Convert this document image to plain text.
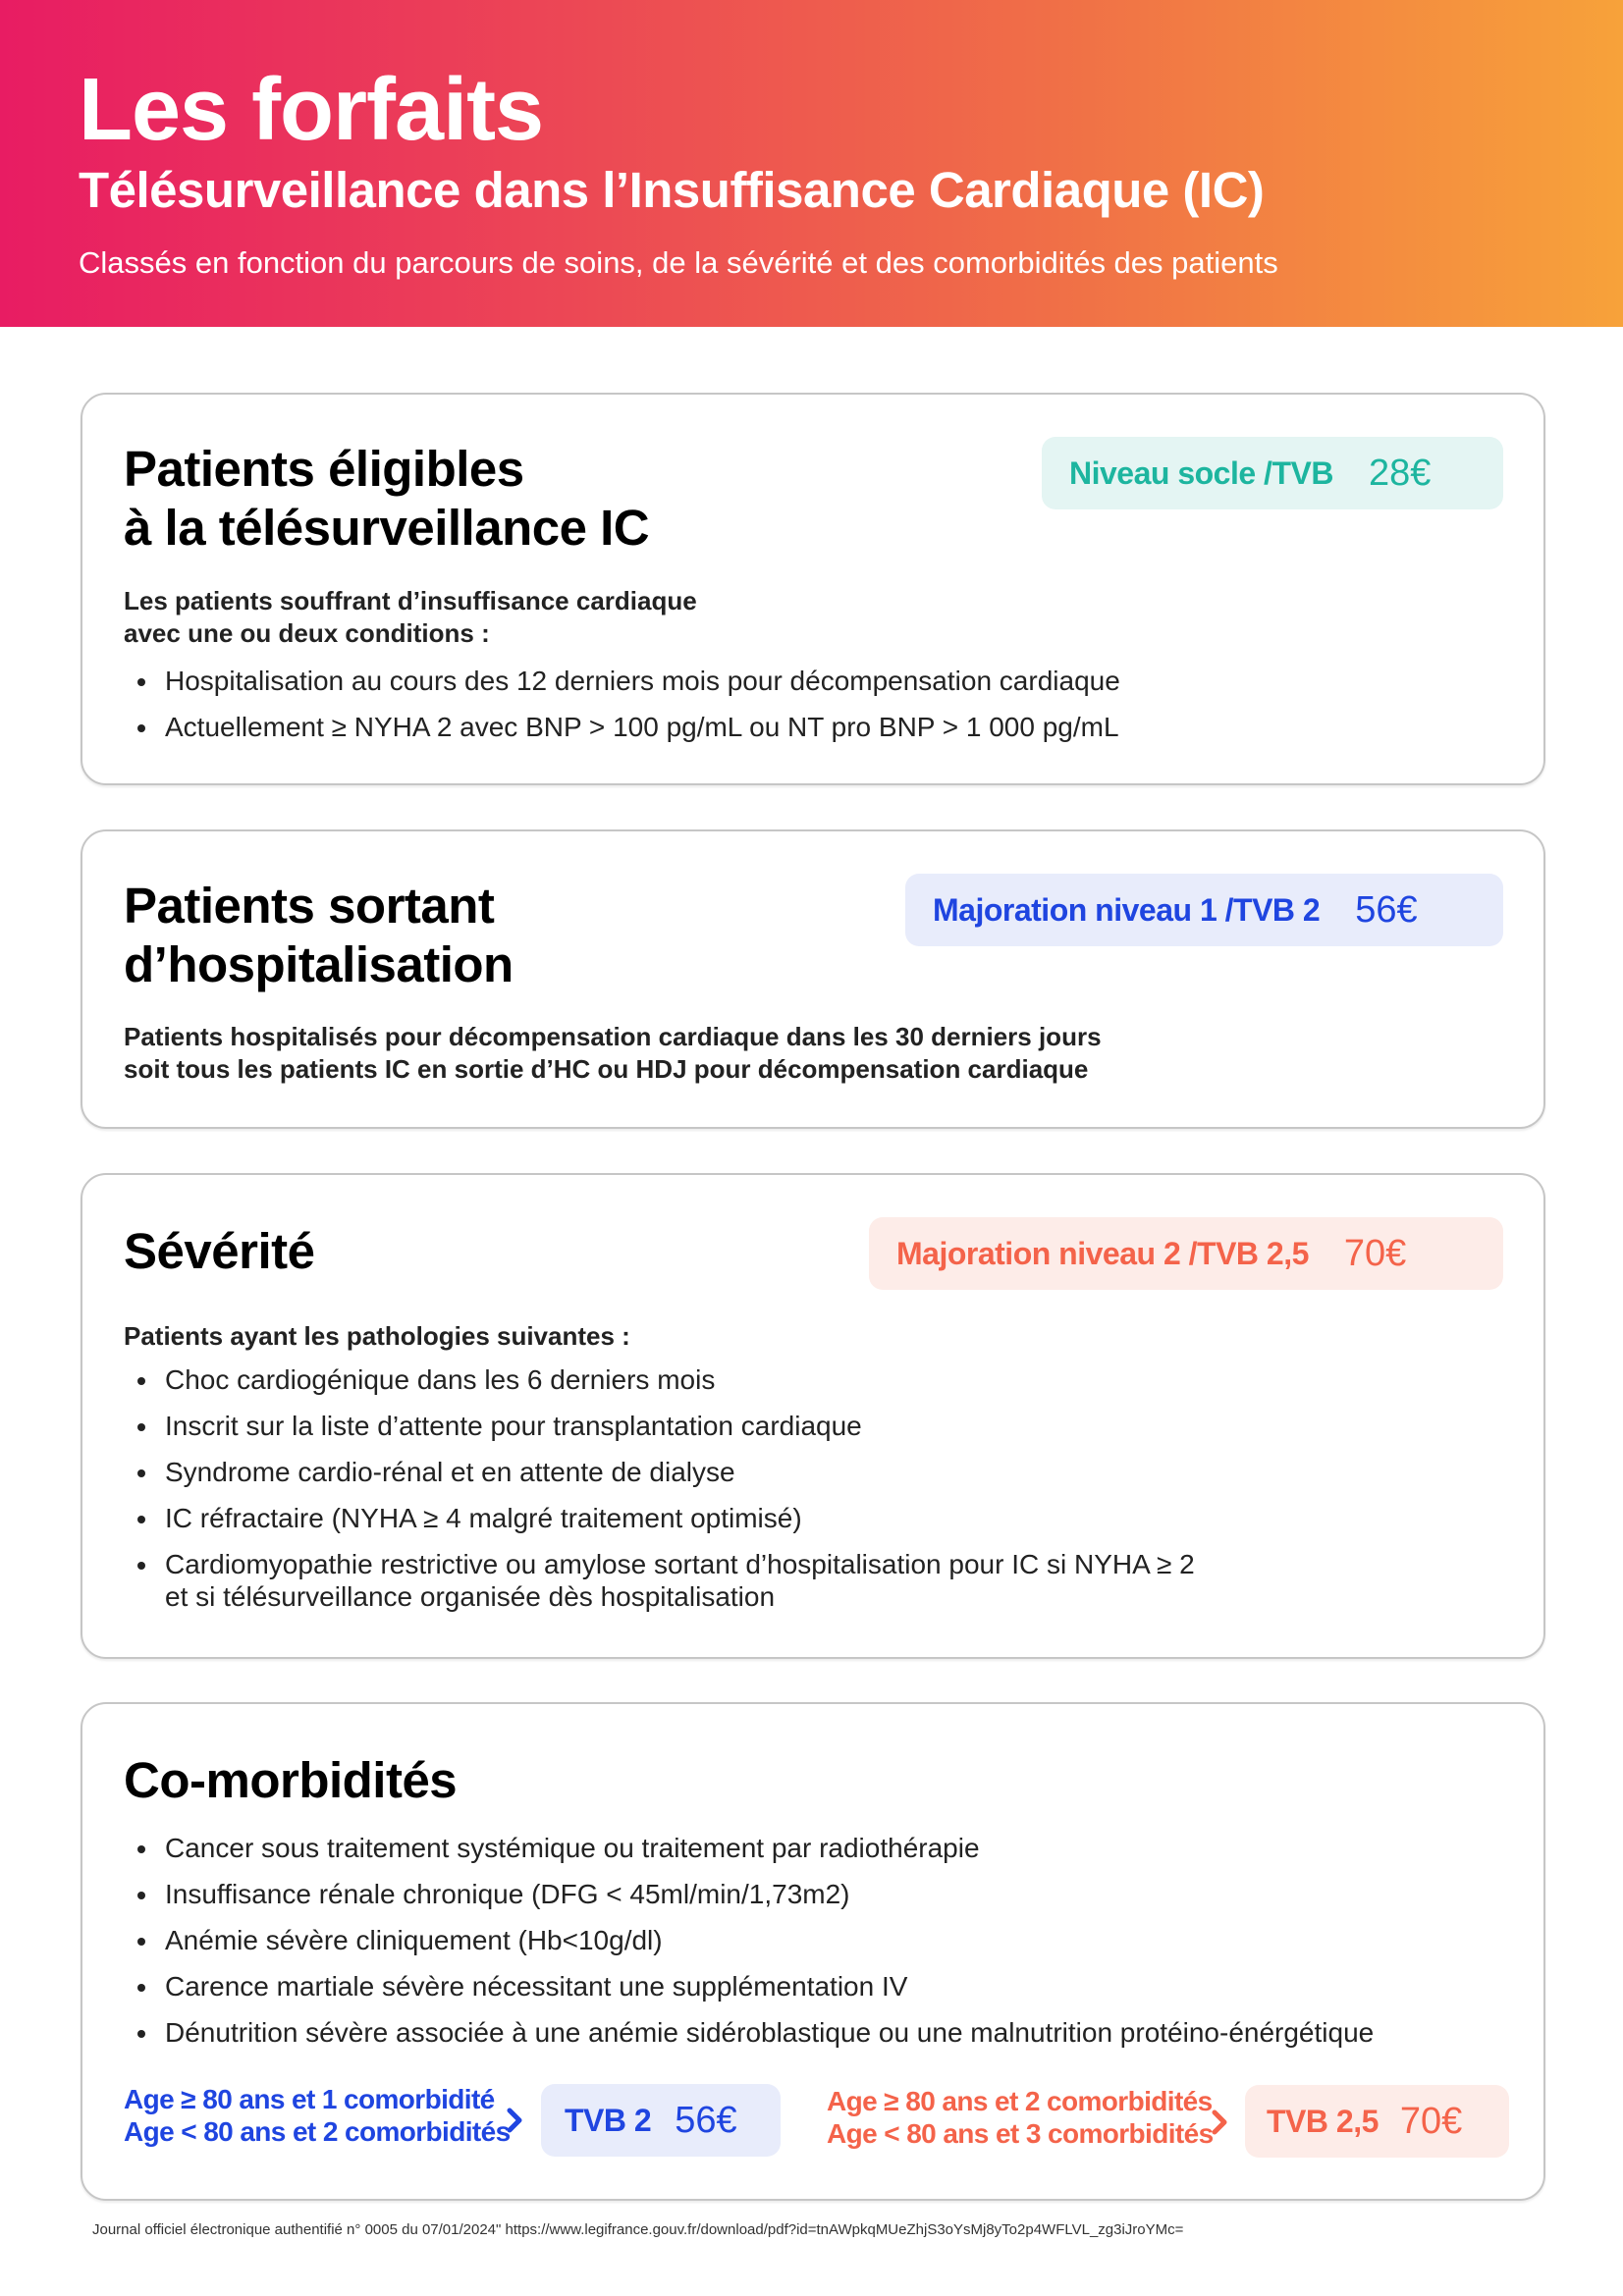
Les forfaits
Télésurveillance dans l’Insuffisance Cardiaque (IC)
Classés en fonction du parcours de soins, de la sévérité et des comorbidités des patients
Patients éligibles
à la télésurveillance IC
Niveau socle /TVB 28€
Les patients souffrant d’insuffisance cardiaque
avec une ou deux conditions :
Hospitalisation au cours des 12 derniers mois pour décompensation cardiaque
Actuellement ≥ NYHA 2 avec BNP > 100 pg/mL ou NT pro BNP > 1 000 pg/mL
Patients sortant
d’hospitalisation
Majoration niveau 1 /TVB 2 56€
Patients hospitalisés pour décompensation cardiaque dans les 30 derniers jours
soit tous les patients IC en sortie d’HC ou HDJ pour décompensation cardiaque
Sévérité	Majoration niveau 2 /TVB 2,5 70€
Patients ayant les pathologies suivantes :
Choc cardiogénique dans les 6 derniers mois
Inscrit sur la liste d’attente pour transplantation cardiaque
Syndrome cardio-rénal et en attente de dialyse
IC réfractaire (NYHA ≥ 4 malgré traitement optimisé)
Cardiomyopathie restrictive ou amylose sortant d’hospitalisation pour IC si NYHA ≥ 2
et si télésurveillance organisée dès hospitalisation
Co-morbidités
Cancer sous traitement systémique ou traitement par radiothérapie
Insuffisance rénale chronique (DFG < 45ml/min/1,73m2)
Anémie sévère cliniquement (Hb<10g/dl)
Carence martiale sévère nécessitant une supplémentation IV
Dénutrition sévère associée à une anémie sidéroblastique ou une malnutrition protéino-énérgétique
Age ≥ 80 ans et 1 comorbidité
Age < 80 ans et 2 comorbidités TVB 2 56€	Age ≥ 80 ans et 2 comorbidités
Age < 80 ans et 3 comorbidités TVB 2,5 70€
Journal officiel électronique authentifié n° 0005 du 07/01/2024" https://www.legifrance.gouv.fr/download/pdf?id=tnAWpkqMUeZhjS3oYsMj8yTo2p4WFLVL_zg3iJroYMc=
